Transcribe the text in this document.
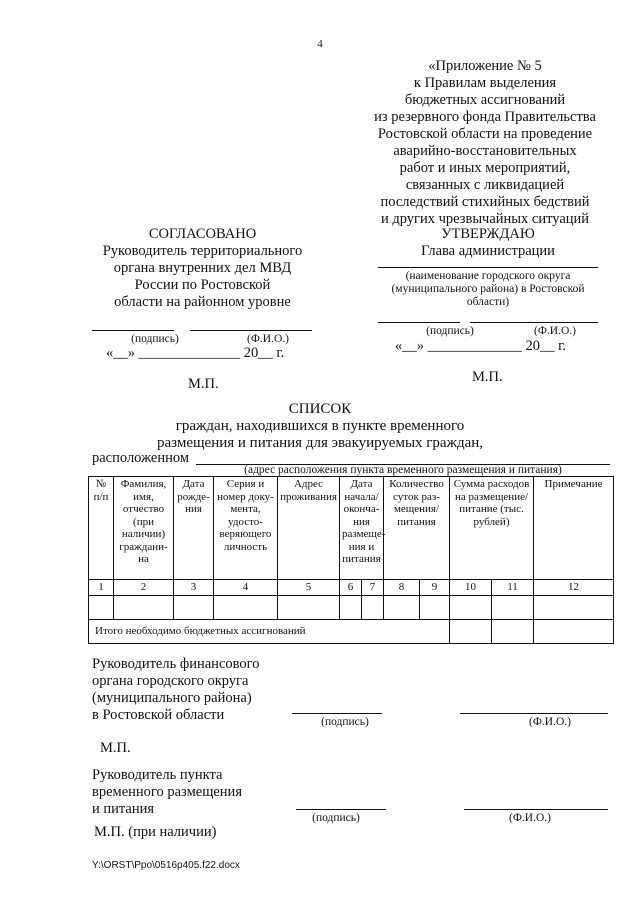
4
«Приложение № 5
к Правилам выделения
бюджетных ассигнований
из резервного фонда Правительства
Ростовской области на проведение
аварийно-восстановительных
работ и иных мероприятий,
связанных с ликвидацией
последствий стихийных бедствий
и других чрезвычайных ситуаций
СОГЛАСОВАНО
Руководитель территориального
органа внутренних дел МВД
России по Ростовской
области на районном уровне
(подпись)	(Ф.И.О.)
«__» ______________ 20__ г.
М.П.
УТВЕРЖДАЮ
Глава администрации
(наименование городского округа
(муниципального района) в Ростовской
области)
(подпись)	(Ф.И.О.)
«__» _____________ 20__ г.
М.П.
СПИСОК
граждан, находившихся в пункте временного
размещения и питания для эвакуируемых граждан,
расположенном
(адрес расположения пункта временного размещения и питания)
№ п/п	Фамилия, имя, отчество (при наличии) гражданина	Дата рождения	Серия и номер документа, удостоверяющего личность	Адрес проживания	Дата начала/ окончания размещения и питания		Количество суток размещения/ питания		Сумма расходов на размещение/ питание (тыс. рублей)		Примечание
1	2	3	4	5	6	7	8	9	10	11	12

Итого необходимо бюджетных ассигнований											
Руководитель финансового
органа городского округа
(муниципального района)
в Ростовской области	(подпись)	(Ф.И.О.)
М.П.
Руководитель пункта
временного размещения
и питания
(подпись)	(Ф.И.О.)
М.П. (при наличии)
Y:\ORST\Ppo\0516p405.f22.docx
